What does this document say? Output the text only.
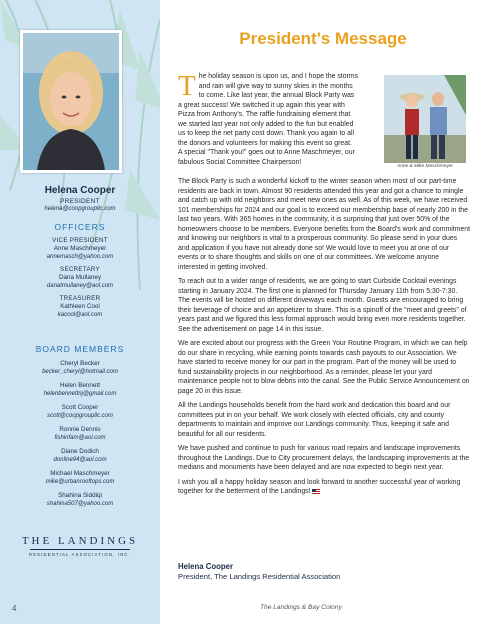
Helena Cooper
PRESIDENT
helena@coopgroupllc.com
OFFICERS
VICE PRESIDENT
Anne Maschmeyer
annemasch@yahoo.com
SECRETARY
Dana Mullaney
danatmullaney@aol.com
TREASURER
Kathleen Cool
kacool@aol.com
BOARD MEMBERS
Cheryl Becker
becker_cheryl@hotmail.com
Helen Bennett
helenbennettnj@gmail.com
Scott Cooper
scott@coopgroupllc.com
Ronnie Dennis
fishinfam@aol.com
Diane Dodich
donline94@aol.com
Michael Maschmeyer
mike@urbanrooftops.com
Shahina Siddiqi
shahina507@yahoo.com
THE LANDINGS
RESIDENTIAL ASSOCIATION, INC.
President's Message
Anne & Mike Maschmeyer
T he holiday season is upon us, and I hope the storms
and rain will give way to sunny skies in the months
to come. Like last year, the annual Block Party was
a great success! We switched it up again this year with
Pizza from Anthony's. The raffle fundraising element that
we started last year not only added to the fun but enabled
us to keep the net party cost down. Thank you again to all
the donors and volunteers for making this event so great.
A special "Thank you!" goes out to Anne Maschmeyer, our
fabulous Social Committee Chairperson!

The Block Party is such a wonderful kickoff to the winter season when most of our part-time residents are back in town. Almost 90 residents attended this year and got a chance to mingle and catch up with old neighbors and meet new ones as well. As of this week, we have received 101 memberships for 2024 and our goal is to exceed our membership base of nearly 200 in the last two years. With 365 homes in the community, it is surprising that just over 50% of the homeowners choose to be members. Everyone benefits from the Board's work and commitment and knowing our neighbors is vital to a prosperous community. So please send in your dues and application if you have not already done so! We would love to meet you at one of our events or to share thoughts and skills on one of our committees. We welcome anyone interested in getting involved.

To reach out to a wider range of residents, we are going to start Curbside Cocktail evenings starting in January 2024. The first one is planned for Thursday January 11th from 5:30-7:30. The events will be hosted on different driveways each month. Guests are encouraged to bring their beverage of choice and an appetizer to share. This is a spinoff of the "meet and greets" of years past and we figured this less formal approach would bring even more residents together. See the advertisement on page 14 in this issue.

We are excited about our progress with the Green Your Routine Program, in which we can help do our share in recycling, while earning points towards cash payouts to our Association. We have started to receive money for our part in the program. Part of the money will be used to fund sustainability projects in our neighborhood. As a reminder, please let your yard maintenance people not to blow debris into the canal. See the Public Service Announcement on page 20 in this issue.

All the Landings households benefit from the hard work and dedication this board and our committees put in on your behalf. We work closely with elected officials, city and county departments to maintain and improve our Landings community. Thus, keeping it safe and beautiful for all our residents.

We have pushed and continue to push for various road repairs and landscape improvements throughout the Landings. Due to City procurement delays, the landscaping improvements at the medians and monuments have been delayed and are now expected to begin next year.

I wish you all a happy holiday season and look forward to another successful year of working together for the betterment of the Landings!

Helena Cooper
President, The Landings Residential Association
4	The Landings & Bay Colony
